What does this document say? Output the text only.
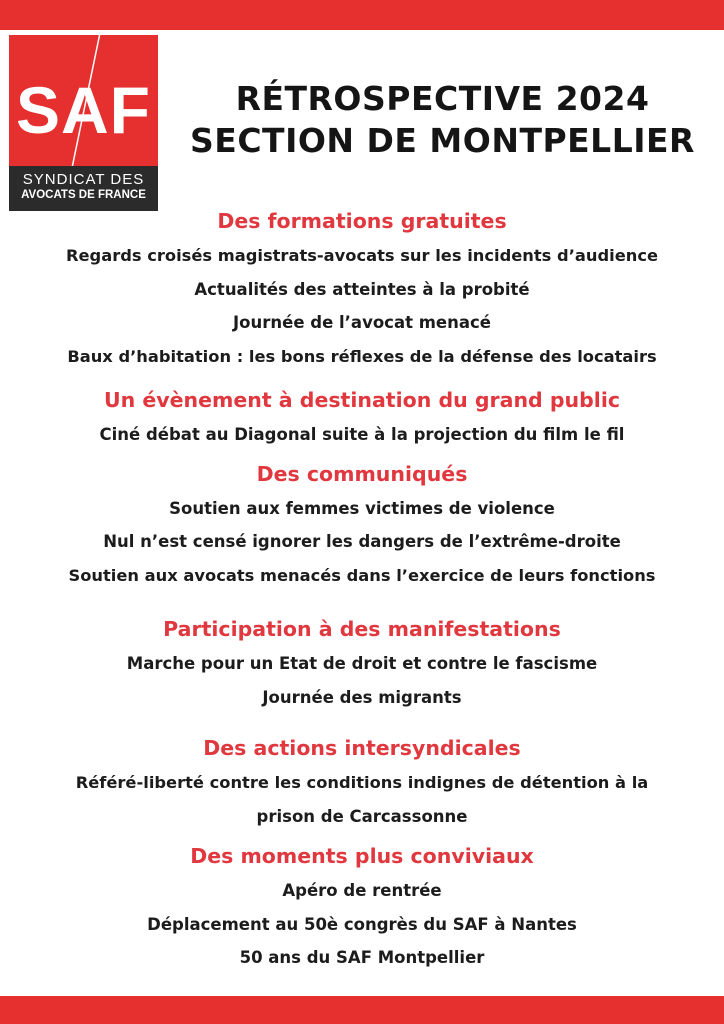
SAF
SYNDICAT DES
AVOCATS DE FRANCE
RÉTROSPECTIVE 2024
SECTION DE MONTPELLIER
Des formations gratuites
Regards croisés magistrats-avocats sur les incidents d’audience
Actualités des atteintes à la probité
Journée de l’avocat menacé
Baux d’habitation : les bons réflexes de la défense des locatairs
Un évènement à destination du grand public
Ciné débat au Diagonal suite à la projection du film le fil
Des communiqués
Soutien aux femmes victimes de violence
Nul n’est censé ignorer les dangers de l’extrême-droite
Soutien aux avocats menacés dans l’exercice de leurs fonctions
Participation à des manifestations
Marche pour un Etat de droit et contre le fascisme
Journée des migrants
Des actions intersyndicales
Référé-liberté contre les conditions indignes de détention à la
prison de Carcassonne
Des moments plus conviviaux
Apéro de rentrée
Déplacement au 50è congrès du SAF à Nantes
50 ans du SAF Montpellier
